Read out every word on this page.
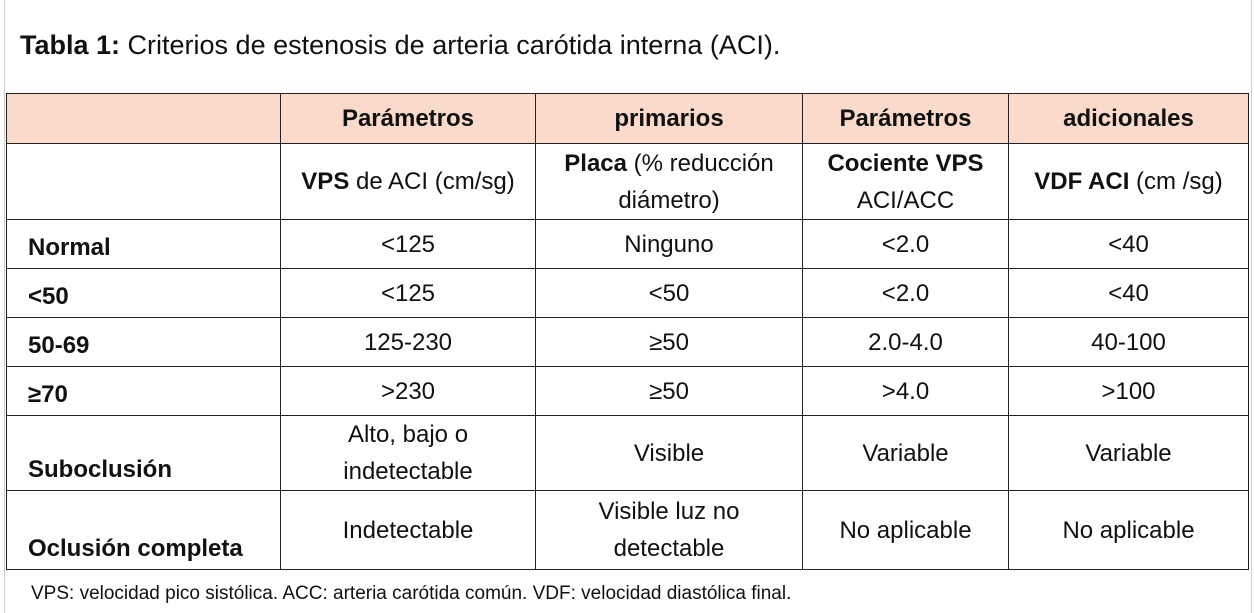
Tabla 1: Criterios de estenosis de arteria carótida interna (ACI).
	Parámetros	primarios	Parámetros	adicionales
	VPS de ACI (cm/sg)	Placa (% reducción diámetro)	Cociente VPS ACI/ACC	VDF ACI (cm /sg)
Normal	<125	Ninguno	<2.0	<40
<50	<125	<50	<2.0	<40
50-69	125-230	≥50	2.0-4.0	40-100
≥70	>230	≥50	>4.0	>100
Suboclusión	Alto, bajo o indetectable	Visible	Variable	Variable
Oclusión completa	Indetectable	Visible luz no detectable	No aplicable	No aplicable
VPS: velocidad pico sistólica. ACC: arteria carótida común. VDF: velocidad diastólica final.
